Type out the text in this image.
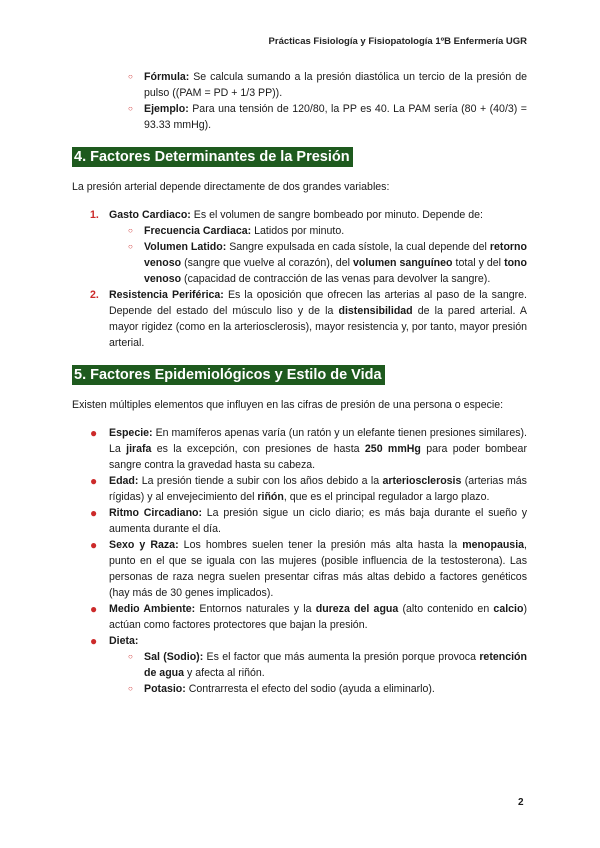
Prácticas Fisiología y Fisiopatología 1ºB Enfermería UGR
○ Fórmula: Se calcula sumando a la presión diastólica un tercio de la presión de pulso ((PAM = PD + 1/3 PP)).
○ Ejemplo: Para una tensión de 120/80, la PP es 40. La PAM sería (80 + (40/3) = 93.33 mmHg).
4. Factores Determinantes de la Presión

La presión arterial depende directamente de dos grandes variables:

1. Gasto Cardiaco: Es el volumen de sangre bombeado por minuto. Depende de:
○ Frecuencia Cardiaca: Latidos por minuto.
○ Volumen Latido: Sangre expulsada en cada sístole, la cual depende del retorno venoso (sangre que vuelve al corazón), del volumen sanguíneo total y del tono venoso (capacidad de contracción de las venas para devolver la sangre).
2. Resistencia Periférica: Es la oposición que ofrecen las arterias al paso de la sangre. Depende del estado del músculo liso y de la distensibilidad de la pared arterial. A mayor rigidez (como en la arteriosclerosis), mayor resistencia y, por tanto, mayor presión arterial.
5. Factores Epidemiológicos y Estilo de Vida

Existen múltiples elementos que influyen en las cifras de presión de una persona o especie:

● Especie: En mamíferos apenas varía (un ratón y un elefante tienen presiones similares). La jirafa es la excepción, con presiones de hasta 250 mmHg para poder bombear sangre contra la gravedad hasta su cabeza.
● Edad: La presión tiende a subir con los años debido a la arteriosclerosis (arterias más rígidas) y al envejecimiento del riñón, que es el principal regulador a largo plazo.
● Ritmo Circadiano: La presión sigue un ciclo diario; es más baja durante el sueño y aumenta durante el día.
● Sexo y Raza: Los hombres suelen tener la presión más alta hasta la menopausia, punto en el que se iguala con las mujeres (posible influencia de la testosterona). Las personas de raza negra suelen presentar cifras más altas debido a factores genéticos (hay más de 30 genes implicados).
● Medio Ambiente: Entornos naturales y la dureza del agua (alto contenido en calcio) actúan como factores protectores que bajan la presión.
● Dieta:
○ Sal (Sodio): Es el factor que más aumenta la presión porque provoca retención de agua y afecta al riñón.
○ Potasio: Contrarresta el efecto del sodio (ayuda a eliminarlo).
2
